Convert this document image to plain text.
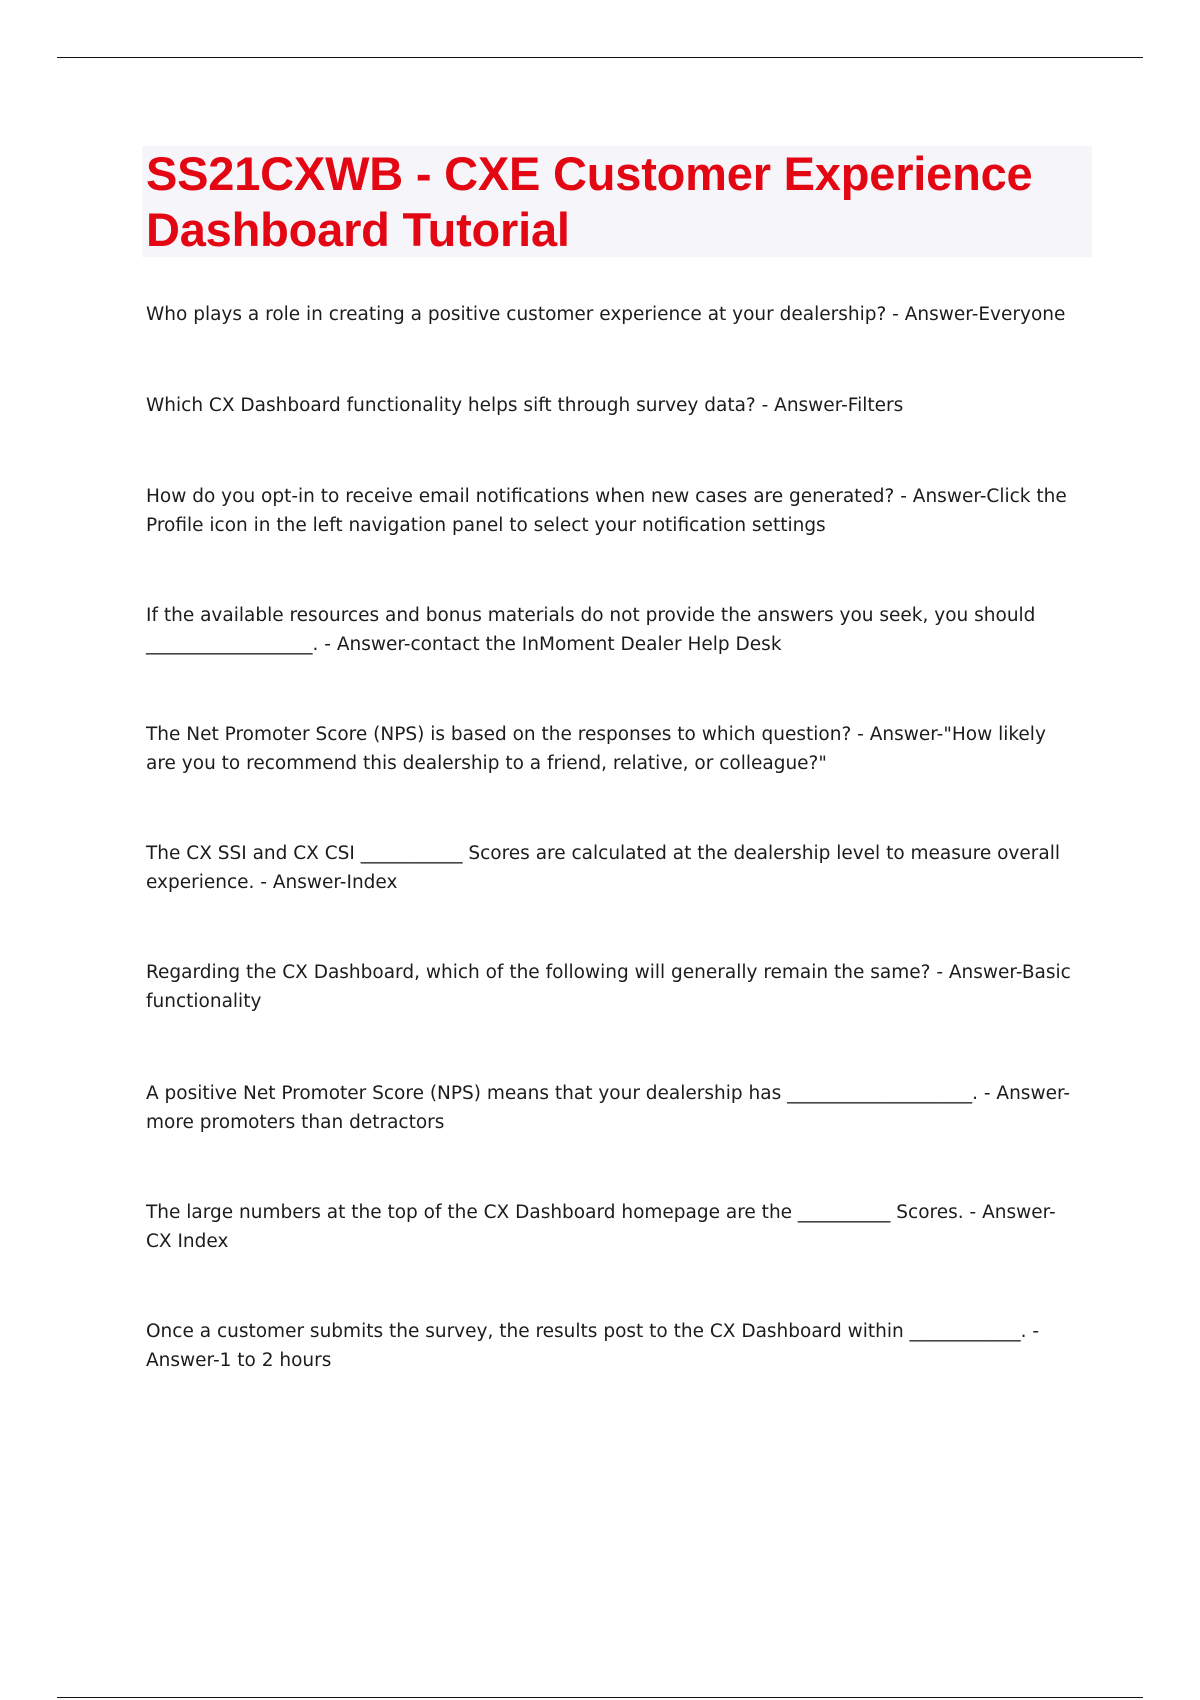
SS21CXWB - CXE Customer Experience Dashboard Tutorial

Who plays a role in creating a positive customer experience at your dealership? - Answer-Everyone

Which CX Dashboard functionality helps sift through survey data? - Answer-Filters

How do you opt-in to receive email notifications when new cases are generated? - Answer-Click the Profile icon in the left navigation panel to select your notification settings

If the available resources and bonus materials do not provide the answers you seek, you should __________________. - Answer-contact the InMoment Dealer Help Desk

The Net Promoter Score (NPS) is based on the responses to which question? - Answer-"How likely are you to recommend this dealership to a friend, relative, or colleague?"

The CX SSI and CX CSI ___________ Scores are calculated at the dealership level to measure overall experience. - Answer-Index

Regarding the CX Dashboard, which of the following will generally remain the same? - Answer-Basic functionality

A positive Net Promoter Score (NPS) means that your dealership has ____________________. - Answer-more promoters than detractors

The large numbers at the top of the CX Dashboard homepage are the __________ Scores. - Answer-CX Index

Once a customer submits the survey, the results post to the CX Dashboard within ____________. - Answer-1 to 2 hours
